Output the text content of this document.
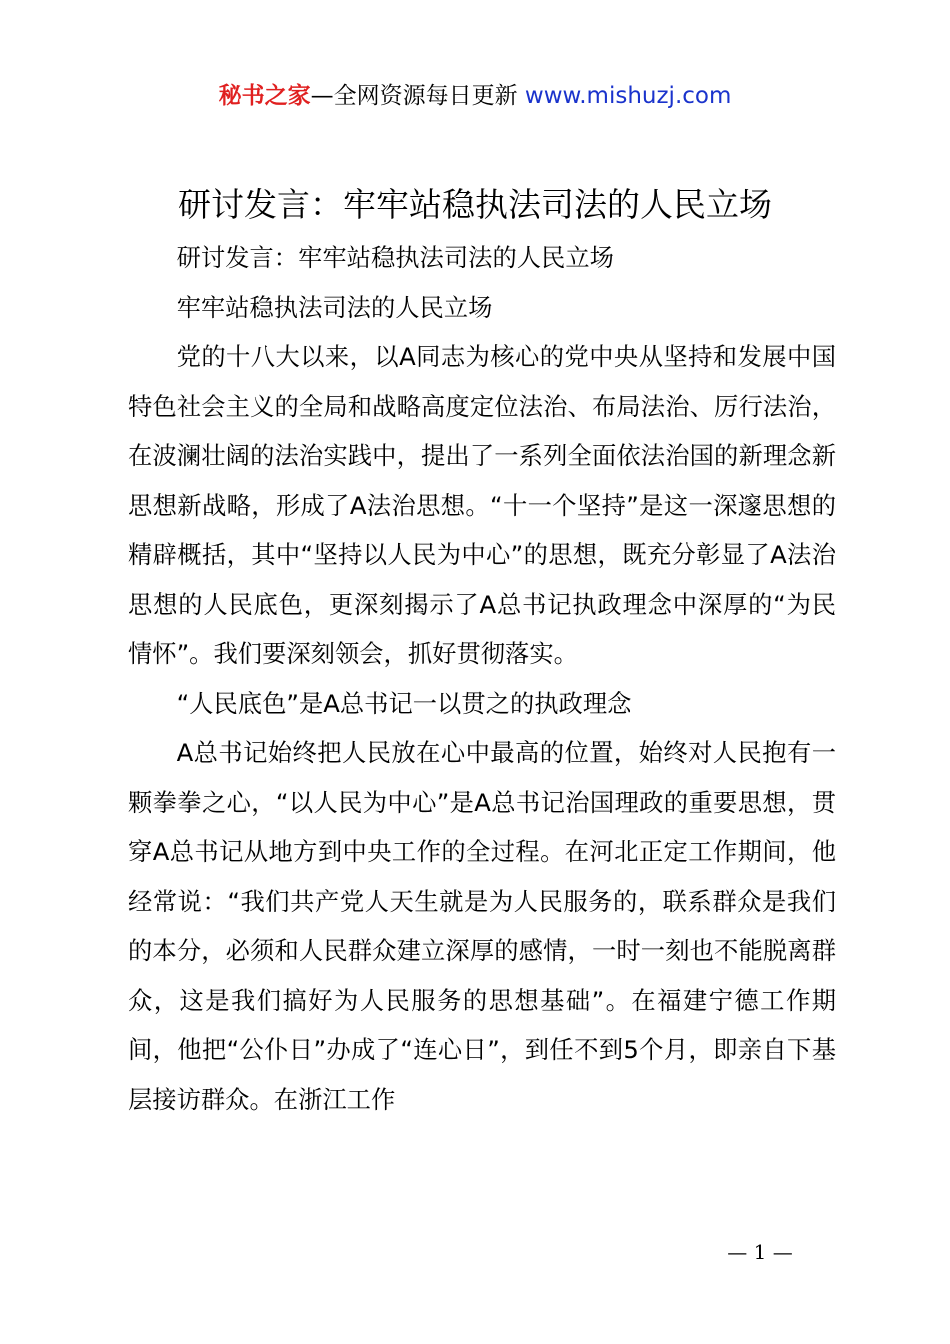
秘书之家—全网资源每日更新 www.mishuzj.com
研讨发言：牢牢站稳执法司法的人民立场

研讨发言：牢牢站稳执法司法的人民立场

牢牢站稳执法司法的人民立场

党的十八大以来，以A同志为核心的党中央从坚持和发展中国特色社会主义的全局和战略高度定位法治、布局法治、厉行法治，在波澜壮阔的法治实践中，提出了一系列全面依法治国的新理念新思想新战略，形成了A法治思想。“十一个坚持”是这一深邃思想的精辟概括，其中“坚持以人民为中心”的思想，既充分彰显了A法治思想的人民底色，更深刻揭示了A总书记执政理念中深厚的“为民情怀”。我们要深刻领会，抓好贯彻落实。

“人民底色”是A总书记一以贯之的执政理念

A总书记始终把人民放在心中最高的位置，始终对人民抱有一颗拳拳之心，“以人民为中心”是A总书记治国理政的重要思想，贯穿A总书记从地方到中央工作的全过程。在河北正定工作期间，他经常说：“我们共产党人天生就是为人民服务的，联系群众是我们的本分，必须和人民群众建立深厚的感情，一时一刻也不能脱离群众，这是我们搞好为人民服务的思想基础”。在福建宁德工作期间，他把“公仆日”办成了“连心日”，到任不到5个月，即亲自下基层接访群众。在浙江工作

— 1 —
